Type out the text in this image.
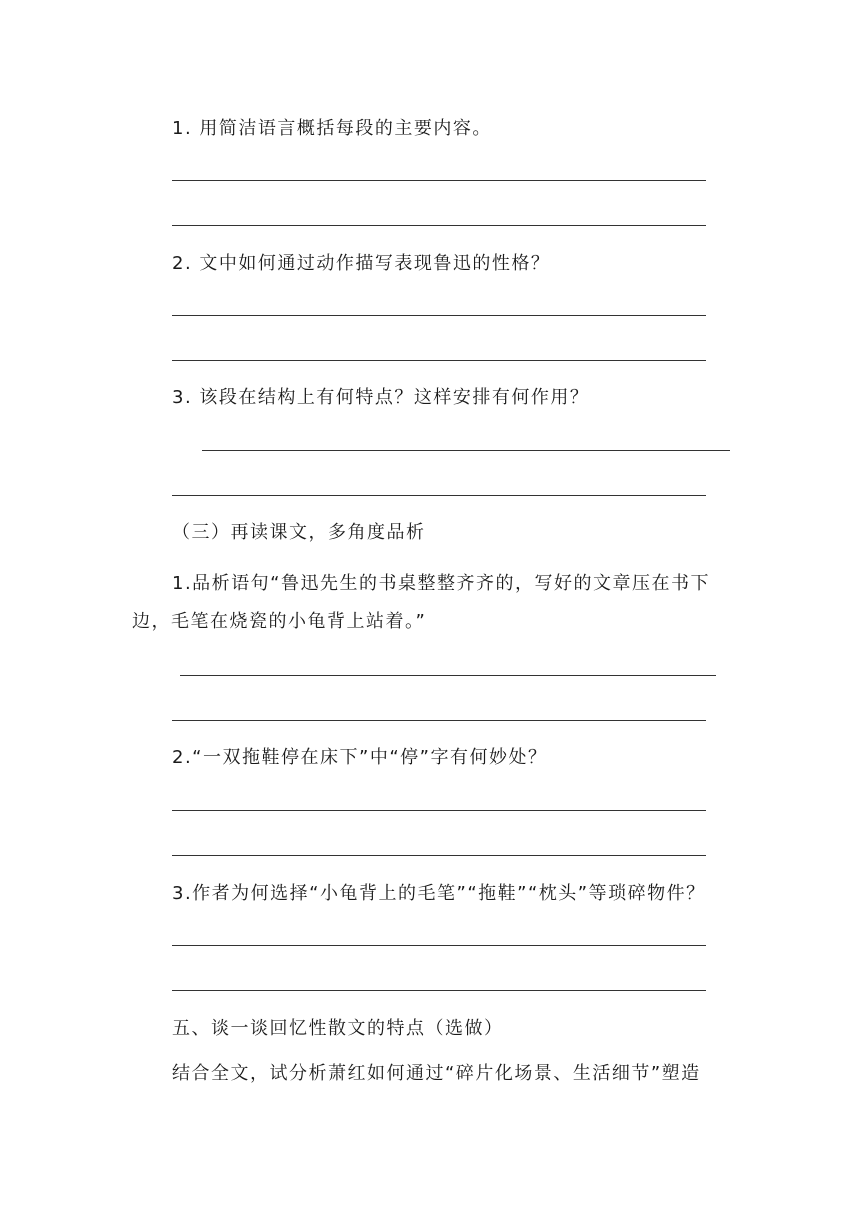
1. 用简洁语言概括每段的主要内容。
2. 文中如何通过动作描写表现鲁迅的性格？
3. 该段在结构上有何特点？这样安排有何作用？
（三）再读课文，多角度品析
1.品析语句“鲁迅先生的书桌整整齐齐的，写好的文章压在书下
边，毛笔在烧瓷的小龟背上站着。”
2.“一双拖鞋停在床下”中“停”字有何妙处？
3.作者为何选择“小龟背上的毛笔”“拖鞋”“枕头”等琐碎物件？
五、谈一谈回忆性散文的特点（选做）
结合全文，试分析萧红如何通过“碎片化场景、生活细节”塑造
